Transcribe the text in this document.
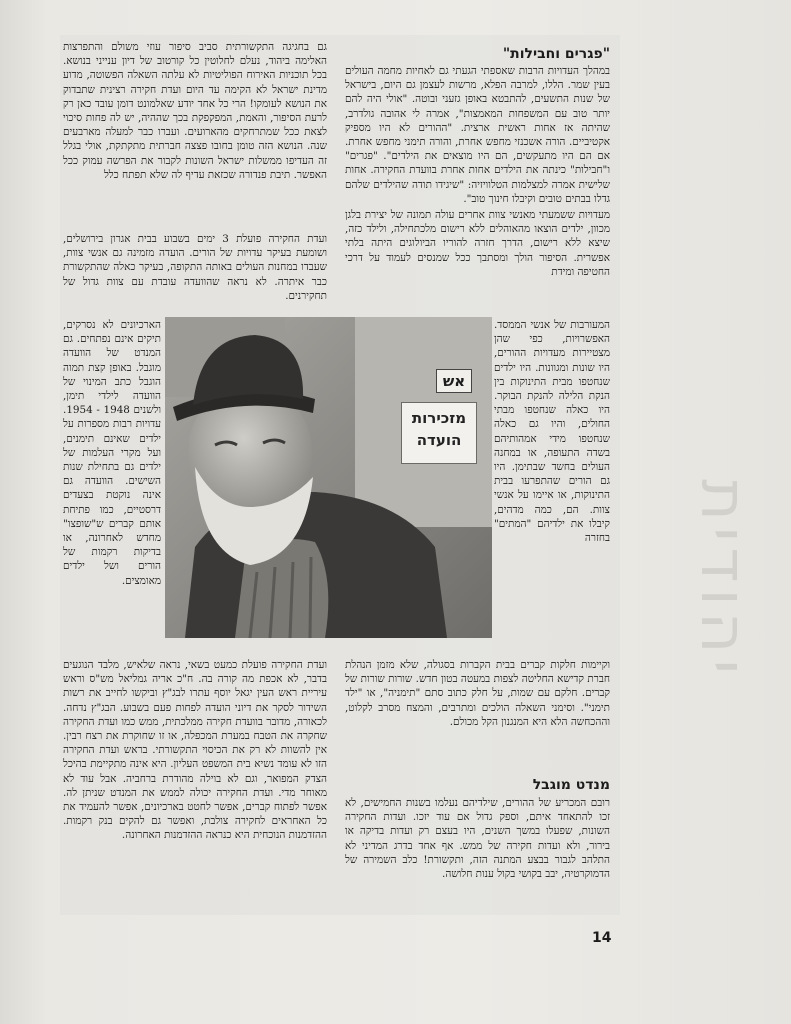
יהודית
"פגרים וחבילות"

במהלך העדויות הרבות שאספתי הגעתי גם לאחיות מחמה העולים בעין שמר. הללו, למרבה הפלא, מרשות לעצמן גם היום, בישראל של שנות התשעים, להתבטא באופן גזעני ובוטה. "אולי היה להם יותר טוב עם המשפחות המאמצות", אמרה לי אהובה גולדרב, שהיתה אז אחות ראשית ארצית. "ההורים לא היו מספיק אקטיביים. הורה אשכנזי מחפש אחרת, והורה תימני מחפש אחרת. אם הם היו מתעקשים, הם היו מוצאים את הילדים". "פגרים" ו"חבילות" כינתה את הילדים אחות אחרת בוועדת החקירה. אחות שלישית אמרה למצלמות הטלוויזיה: "שיגידו תודה שהילדים שלהם גדלו בבתים טובים וקיבלו חינוך טוב".

מעדויות ששמעתי מאנשי צוות אחרים עולה תמונה של יצירת בלגן מכוון, ילדים הוצאו מהאוהלים ללא רישום מלכתחילה, ולילד כזה, שיצא ללא רישום, הדרך חזרה להוריו הביולוגים היתה בלתי אפשרית. הסיפור הולך ומסתבך ככל שמנסים לעמוד על דרכי החטיפה ומידת

המעורבות של אנשי הממסד. האפשרויות, כפי שהן מצטיירות מעדויות ההורים, היו שונות ומגוונות. היו ילדים שנחטפו מבית התינוקות בין הנקת הלילה להנקת הבוקר. היו כאלה שנחטפו מבתי החולים, והיו גם כאלה שנחטפו מידי אמהותיהם בשדה התעופה, או במחנה העולים בחשד שבתימן. היו גם הורים שהתפרעו בבית התינוקות, או איימו על אנשי צוות. הם, כמה מדהים, קיבלו את ילדיהם "המתים" בחזרה

וקיימות חלקות קברים בבית הקברות בסגולה, שלא מזמן הנהלת חברת קדישא החליטה לצפות במעטה בטון חדש. שורות שורות של קברים. חלקם עם שמות, על חלק כתוב סתם "תימניה", או "ילד תימני". וסימני השאלה הולכים ומתרבים, והמצח מסרב לקלוט, וההכחשה הלא היא המנגנון הקל מכולם.

מנדט מוגבל

רובם המכריע של ההורים, שילדיהם נעלמו בשנות החמישים, לא זכו להתאחד איתם, וספק גדול אם עוד יזכו. ועדות החקירה השונות, שפעלו במשך השנים, היו בעצם רק ועדות בדיקה או בירור, ולא ועדות חקירה של ממש. אף אחד בדרג המדיני לא התלהב לגבור בבצע המתנה הזה, ותקשורת! כלב השמירה של הדמוקרטיה, יבב בקושי בקול ענות חלושה.

גם בחגיגה התקשורתית סביב סיפור עוזי משולם והתפרצות האלימה ביהוד, נעלם לחלוטין כל קורטוב של דיון ענייני בנושא. בכל תוכניות האירוח הפוליטיות לא עלתה השאלה הפשוטה, מדוע מדינת ישראל לא הקימה עד היום ועדת חקירה רצינית שתבדוק את הנושא לעומקו! הרי כל אחד יודע שאלמונט דומן עובד כאן רק לרעת הסיפור, והאמת, המפקפקת בכך שההיה, יש לה פחות סיכוי לצאת ככל שמתרחקים מהארועים. ועברו כבר למעלה מארבעים שנה. הנושא הזה טומן בחובו פצצה חברתית מתקתקת, אולי בגלל זה העדיפו ממשלות ישראל השונות לקבור את הפרשה עמוק ככל האפשר. תיבת פנדורה שכזאת עדיף לה שלא תפתח כלל

ועדת החקירה פועלת 3 ימים בשבוע בבית אגרון בירושלים, ושומעת בעיקר עדויות של הורים. הועדה מזמינה גם אנשי צוות, שעבדו במחנות העולים באותה התקופה, בעיקר כאלה שהתקשורת כבר איתרה. לא נראה שהוועדה עובדת עם צוות גדול של תחקירנים.

הארכיונים לא נסרקים, תיקים אינם נפתחים. גם המנדט של הוועדה מוגבל. באופן קצת תמוה הוגבל כתב המינוי של הוועדה לילדי תימן, ולשנים 1948 - 1954. עדויות רבות מספרות על ילדים שאינם תימנים, ועל מקרי העלמות של ילדים גם בתחילת שנות השישים. הוועדה גם אינה נוקטת בצעדים דרסטיים, כמו פתיחת אותם קברים ש"שופצו" מחדש לאחרונה, או בדיקות רקמות של הורים ושל ילדים מאומצים.

ועדת החקירה פועלת כמעט בשאי, נראה שלאיש, מלבד הנוגעים בדבר, לא אכפת מה קורה בה. ח"כ אריה גמליאל מש"ס וראש עיריית ראש העין יגאל יוסף עתרו לבג"ץ וביקשו לחייב את רשות השידור לסקר את דיוני הועדה לפחות פעם בשבוע. הבג"ץ נדחה. לכאורה, מדובר בוועדת חקירה ממלכתית, ממש כמו ועדת החקירה שחקרה את הטבח במערת המכפלה, או זו שחוקרת את רצח רבין. אין להשוות לא רק את הכיסוי התקשורתי. בראש ועדת החקירה הזו לא עומד נשיא בית המשפט העליון. היא אינה מתקיימת בהיכל הצדק המפואר, וגם לא בוילה מהודרת ברחביה. אבל עוד לא מאוחר מדי. ועדת החקירה יכולה לממש את המנדט שניתן לה. אפשר לפתוח קברים, אפשר לחטט בארכיונים, אפשר להעמיד את כל האחראים לחקירה צולבת, ואפשר גם להקים בנק רקמות. ההזדמנות הנוכחית היא כנראה ההזדמנות האחרונה.

אש
מזכירות
הועדה
14
